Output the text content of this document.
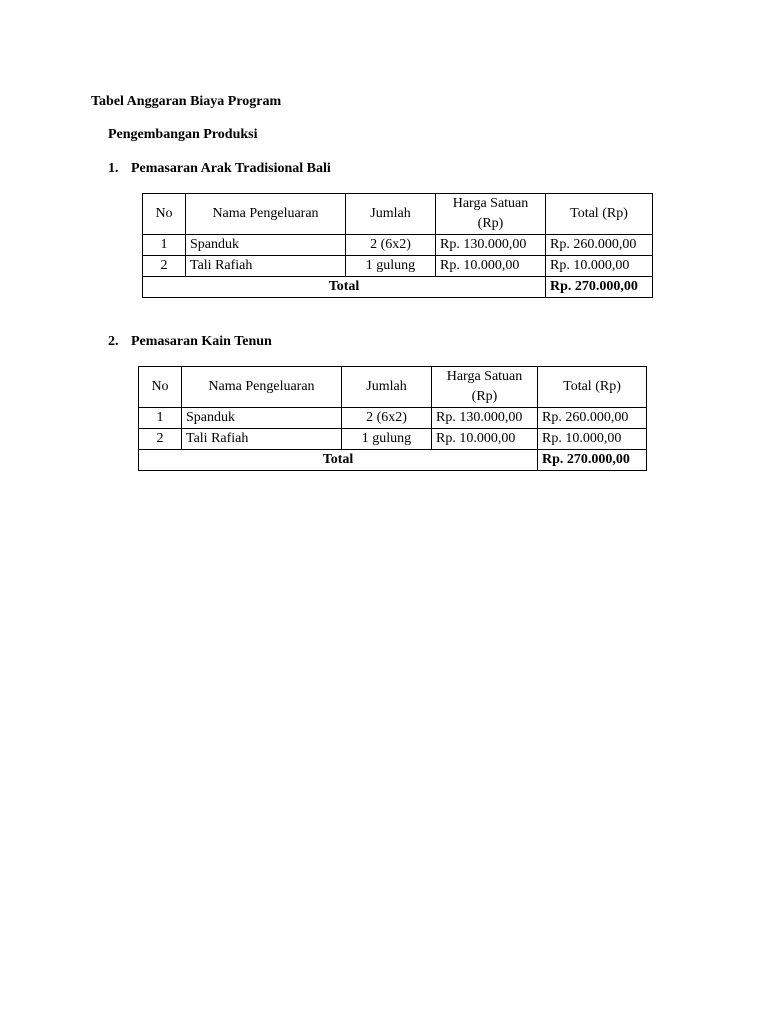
Tabel Anggaran Biaya Program
Pengembangan Produksi
1. Pemasaran Arak Tradisional Bali
No	Nama Pengeluaran	Jumlah	Harga Satuan (Rp)	Total (Rp)
1	Spanduk	2 (6x2)	Rp. 130.000,00	Rp. 260.000,00
2	Tali Rafiah	1 gulung	Rp. 10.000,00	Rp. 10.000,00
Total				Rp. 270.000,00
2. Pemasaran Kain Tenun
No	Nama Pengeluaran	Jumlah	Harga Satuan (Rp)	Total (Rp)
1	Spanduk	2 (6x2)	Rp. 130.000,00	Rp. 260.000,00
2	Tali Rafiah	1 gulung	Rp. 10.000,00	Rp. 10.000,00
Total				Rp. 270.000,00
